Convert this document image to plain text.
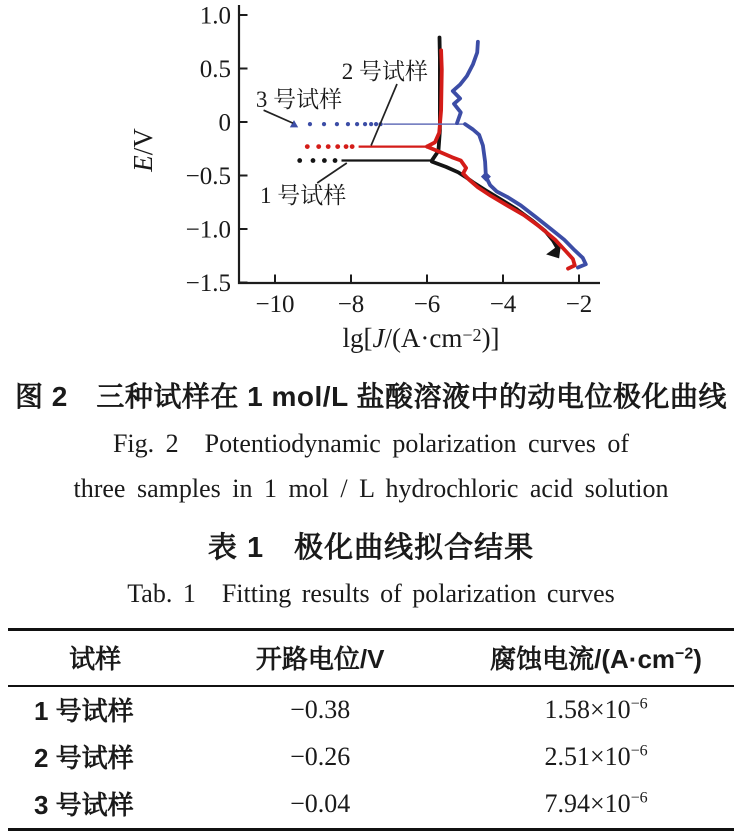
1.0
0.5
0
−0.5
−1.0
−1.5
−10 −8 −6 −4 −2
E/V
lg[J/(A·cm−2)]
3 号试样
2 号试样
1 号试样
图 2　三种试样在 1 mol/L 盐酸溶液中的动电位极化曲线
Fig. 2　Potentiodynamic polarization curves of
three samples in 1 mol / L hydrochloric acid solution
表 1　极化曲线拟合结果
Tab. 1　Fitting results of polarization curves
试样	开路电位/V	腐蚀电流$/(A\cdot cm^{-2})$
1 号试样	−0.38	$1.58\times 10^{-6}$
2 号试样	−0.26	$2.51\times 10^{-6}$
3 号试样	−0.04	$7.94\times 10^{-6}$
